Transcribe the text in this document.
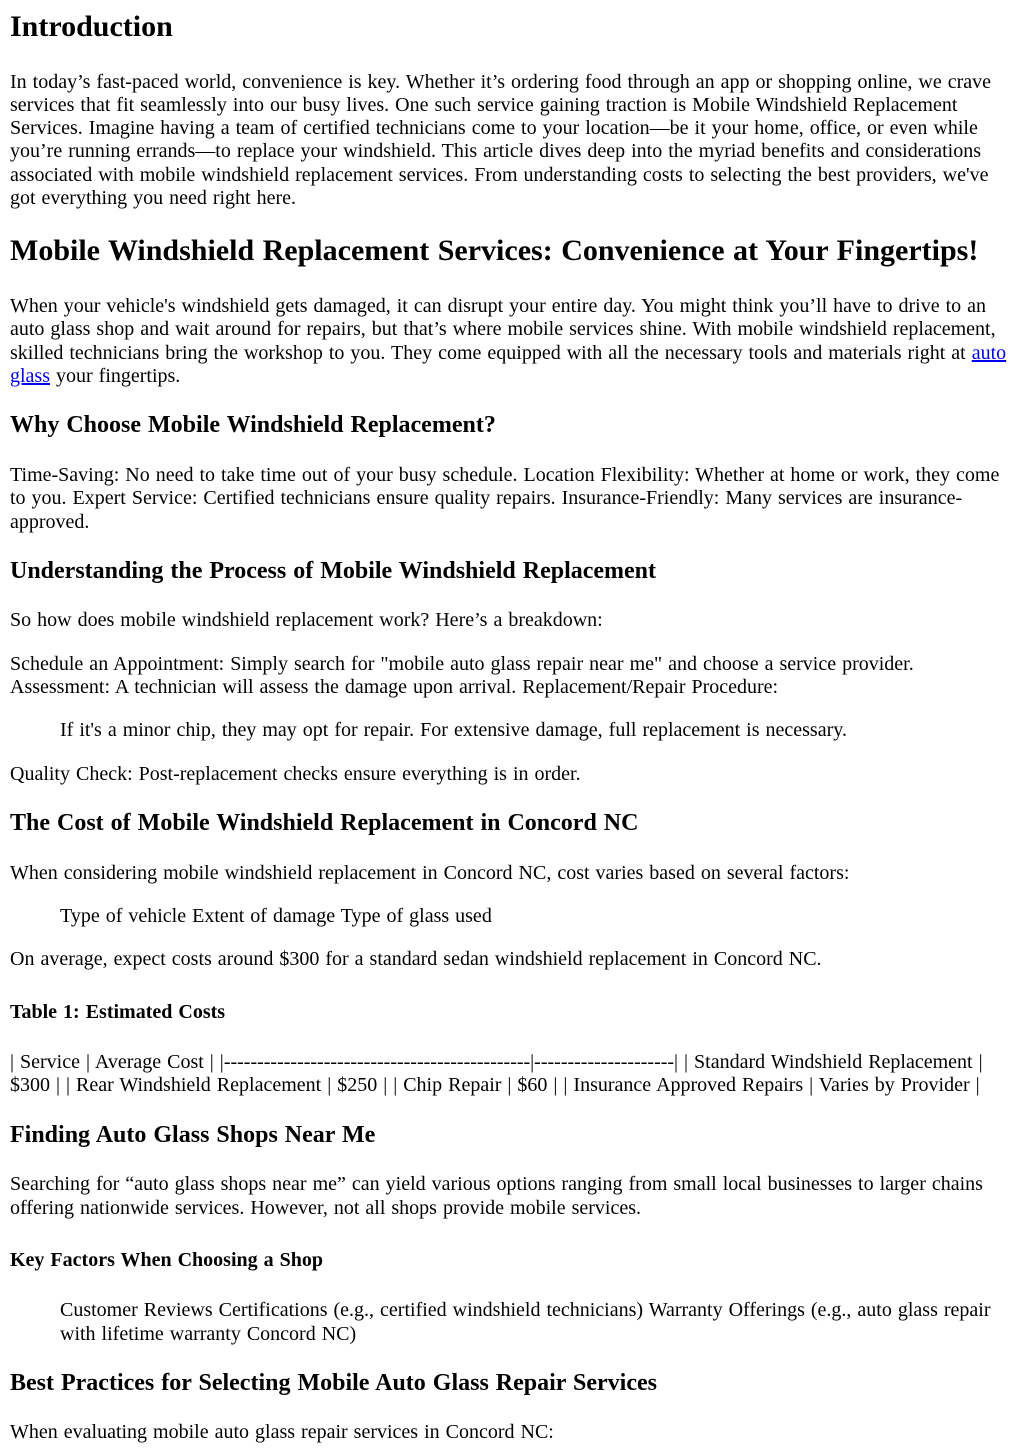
Introduction

In today’s fast-paced world, convenience is key. Whether it’s ordering food through an app or shopping online, we crave services that fit seamlessly into our busy lives. One such service gaining traction is Mobile Windshield Replacement Services. Imagine having a team of certified technicians come to your location—be it your home, office, or even while you’re running errands—to replace your windshield. This article dives deep into the myriad benefits and considerations associated with mobile windshield replacement services. From understanding costs to selecting the best providers, we've got everything you need right here.

Mobile Windshield Replacement Services: Convenience at Your Fingertips!

When your vehicle's windshield gets damaged, it can disrupt your entire day. You might think you’ll have to drive to an auto glass shop and wait around for repairs, but that’s where mobile services shine. With mobile windshield replacement, skilled technicians bring the workshop to you. They come equipped with all the necessary tools and materials right at auto glass your fingertips.

Why Choose Mobile Windshield Replacement?

Time-Saving: No need to take time out of your busy schedule. Location Flexibility: Whether at home or work, they come to you. Expert Service: Certified technicians ensure quality repairs. Insurance-Friendly: Many services are insurance-approved.

Understanding the Process of Mobile Windshield Replacement

So how does mobile windshield replacement work? Here’s a breakdown:

Schedule an Appointment: Simply search for "mobile auto glass repair near me" and choose a service provider. Assessment: A technician will assess the damage upon arrival. Replacement/Repair Procedure:

If it's a minor chip, they may opt for repair. For extensive damage, full replacement is necessary.

Quality Check: Post-replacement checks ensure everything is in order.

The Cost of Mobile Windshield Replacement in Concord NC

When considering mobile windshield replacement in Concord NC, cost varies based on several factors:

Type of vehicle Extent of damage Type of glass used

On average, expect costs around $300 for a standard sedan windshield replacement in Concord NC.

Table 1: Estimated Costs

| Service | Average Cost | |----------------------------------------------|---------------------| | Standard Windshield Replacement | $300 | | Rear Windshield Replacement | $250 | | Chip Repair | $60 | | Insurance Approved Repairs | Varies by Provider |

Finding Auto Glass Shops Near Me

Searching for “auto glass shops near me” can yield various options ranging from small local businesses to larger chains offering nationwide services. However, not all shops provide mobile services.

Key Factors When Choosing a Shop
Customer Reviews Certifications (e.g., certified windshield technicians) Warranty Offerings (e.g., auto glass repair with lifetime warranty Concord NC)
Best Practices for Selecting Mobile Auto Glass Repair Services

When evaluating mobile auto glass repair services in Concord NC:
